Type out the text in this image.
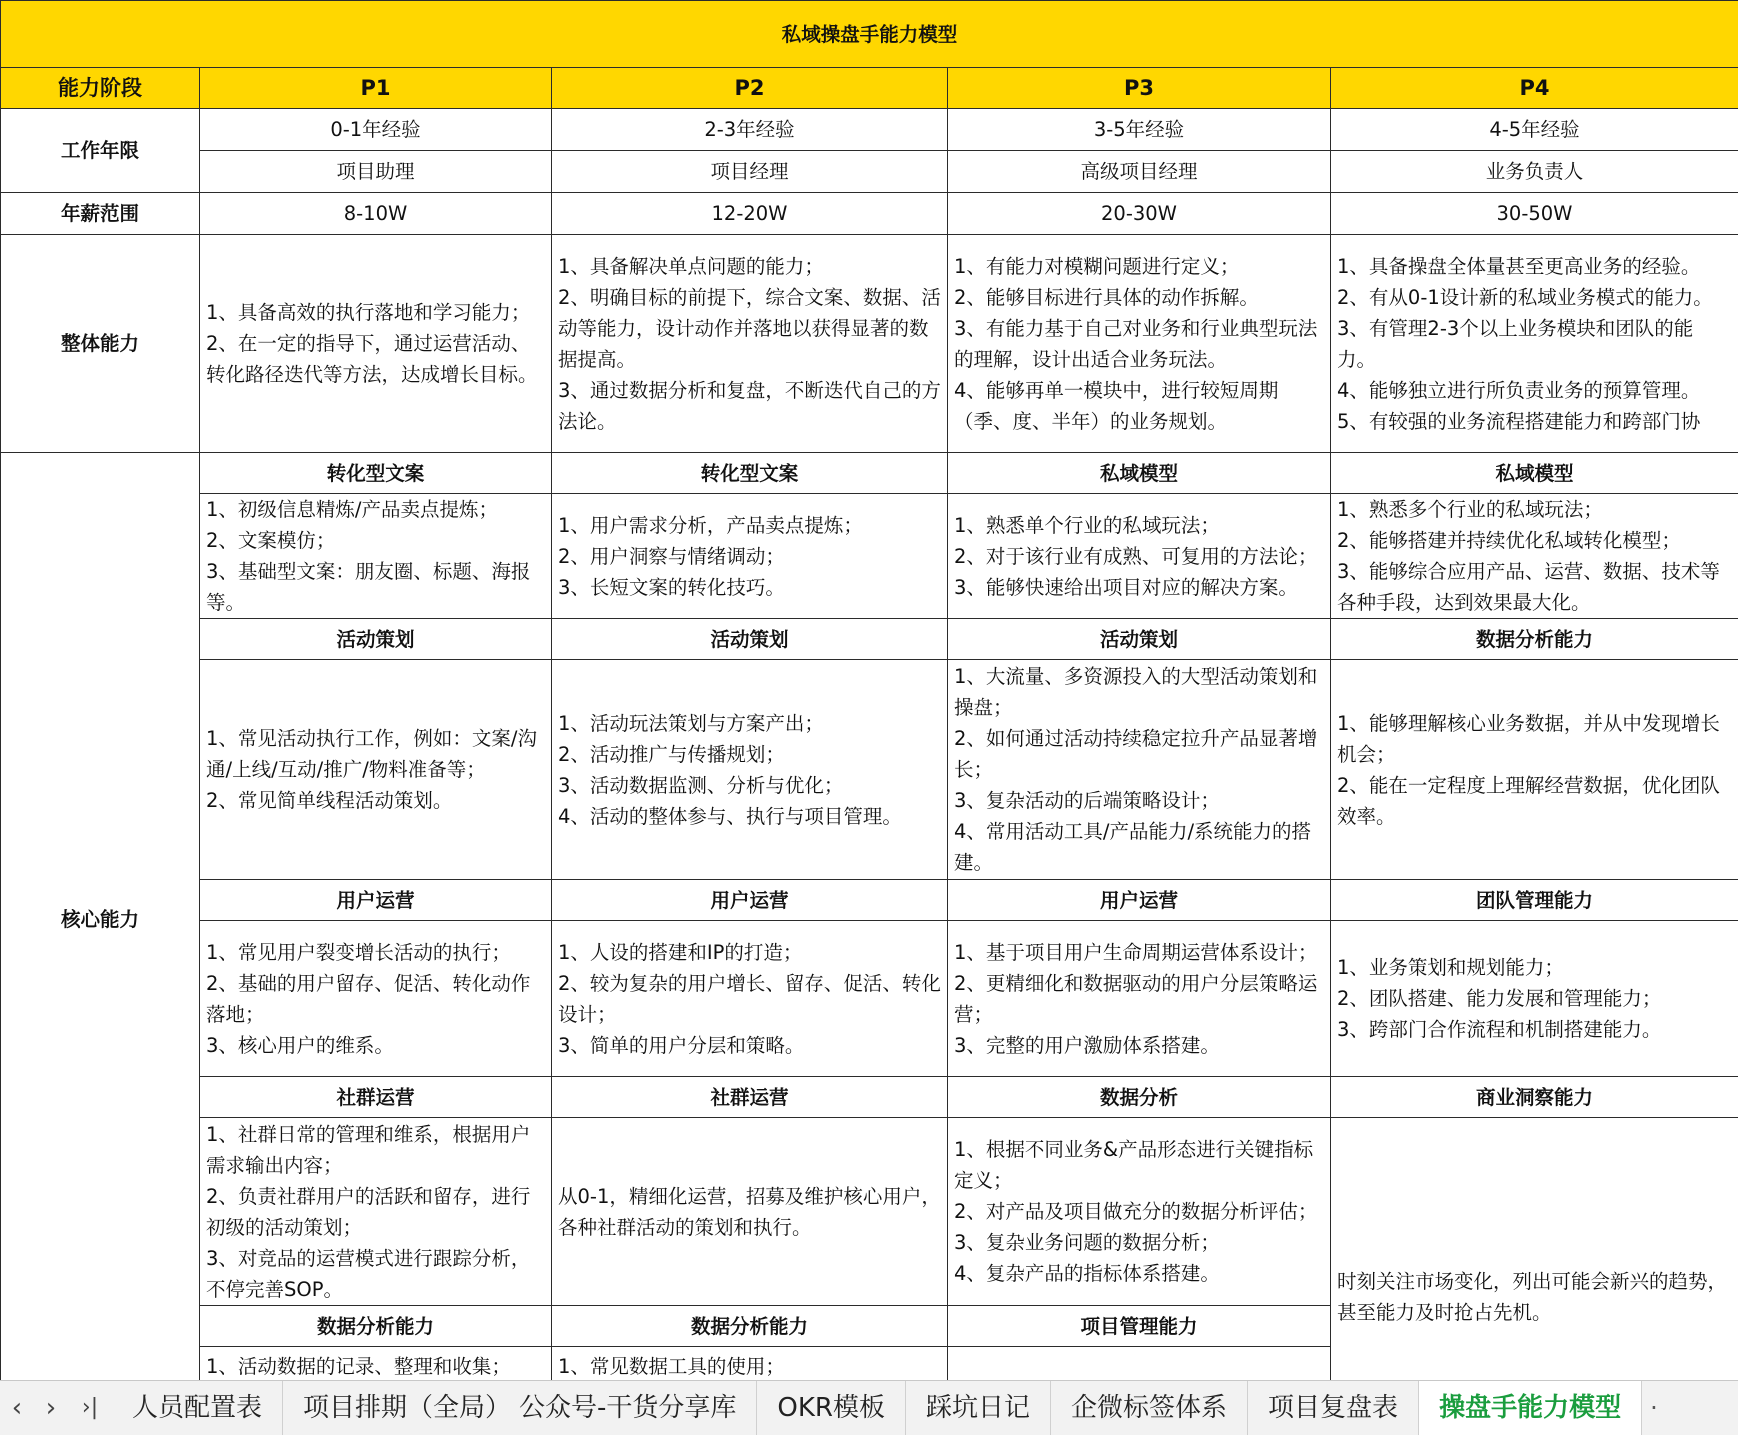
私域操盘手能力模型				
能力阶段	P1	P2	P3	P4
工作年限	0-1年经验	2-3年经验	3-5年经验	4-5年经验
	项目助理	项目经理	高级项目经理	业务负责人
年薪范围	8-10W	12-20W	20-30W	30-50W
整体能力	1、具备高效的执行落地和学习能力；
2、在一定的指导下，通过运营活动、转化路径迭代等方法，达成增长目标。	1、具备解决单点问题的能力；
2、明确目标的前提下，综合文案、数据、活动等能力，设计动作并落地以获得显著的数据提高。
3、通过数据分析和复盘，不断迭代自己的方法论。	1、有能力对模糊问题进行定义；
2、能够目标进行具体的动作拆解。
3、有能力基于自己对业务和行业典型玩法的理解，设计出适合业务玩法。
4、能够再单一模块中，进行较短周期（季、度、半年）的业务规划。	1、具备操盘全体量甚至更高业务的经验。
2、有从0-1设计新的私域业务模式的能力。
3、有管理2-3个以上业务模块和团队的能力。
4、能够独立进行所负责业务的预算管理。
5、有较强的业务流程搭建能力和跨部门协

核心能力	转化型文案	转化型文案	私域模型	私域模型

	1、初级信息精炼/产品卖点提炼；
2、文案模仿；
3、基础型文案：朋友圈、标题、海报等。	1、用户需求分析，产品卖点提炼；
2、用户洞察与情绪调动；
3、长短文案的转化技巧。	1、熟悉单个行业的私域玩法；
2、对于该行业有成熟、可复用的方法论；
3、能够快速给出项目对应的解决方案。	1、熟悉多个行业的私域玩法；
2、能够搭建并持续优化私域转化模型；
3、能够综合应用产品、运营、数据、技术等各种手段，达到效果最大化。

	活动策划	活动策划	活动策划	数据分析能力

	1、常见活动执行工作，例如：文案/沟通/上线/互动/推广/物料准备等；
2、常见简单线程活动策划。	1、活动玩法策划与方案产出；
2、活动推广与传播规划；
3、活动数据监测、分析与优化；
4、活动的整体参与、执行与项目管理。	1、大流量、多资源投入的大型活动策划和操盘；
2、如何通过活动持续稳定拉升产品显著增长；
3、复杂活动的后端策略设计；
4、常用活动工具/产品能力/系统能力的搭建。	1、能够理解核心业务数据，并从中发现增长机会；
2、能在一定程度上理解经营数据，优化团队效率。

	用户运营	用户运营	用户运营	团队管理能力

	1、常见用户裂变增长活动的执行；
2、基础的用户留存、促活、转化动作落地；
3、核心用户的维系。	1、人设的搭建和IP的打造；
2、较为复杂的用户增长、留存、促活、转化设计；
3、简单的用户分层和策略。	1、基于项目用户生命周期运营体系设计；
2、更精细化和数据驱动的用户分层策略运营；
3、完整的用户激励体系搭建。	1、业务策划和规划能力；
2、团队搭建、能力发展和管理能力；
3、跨部门合作流程和机制搭建能力。

	社群运营	社群运营	数据分析	商业洞察能力

	1、社群日常的管理和维系，根据用户需求输出内容；
2、负责社群用户的活跃和留存，进行初级的活动策划；
3、对竞品的运营模式进行跟踪分析，不停完善SOP。	从0-1，精细化运营，招募及维护核心用户，各种社群活动的策划和执行。	1、根据不同业务&产品形态进行关键指标定义；
2、对产品及项目做充分的数据分析评估；
3、复杂业务问题的数据分析；
4、复杂产品的指标体系搭建。	时刻关注市场变化，列出可能会新兴的趋势，甚至能力及时抢占先机。

	数据分析能力	数据分析能力	项目管理能力	

	1、活动数据的记录、整理和收集；	1、常见数据工具的使用；		

‹ ›	›|	人员配置表	项目排期（全局） 公众号-干货分享库	OKR模板	踩坑日记	企微标签体系	项目复盘表	操盘手能力模型	·
